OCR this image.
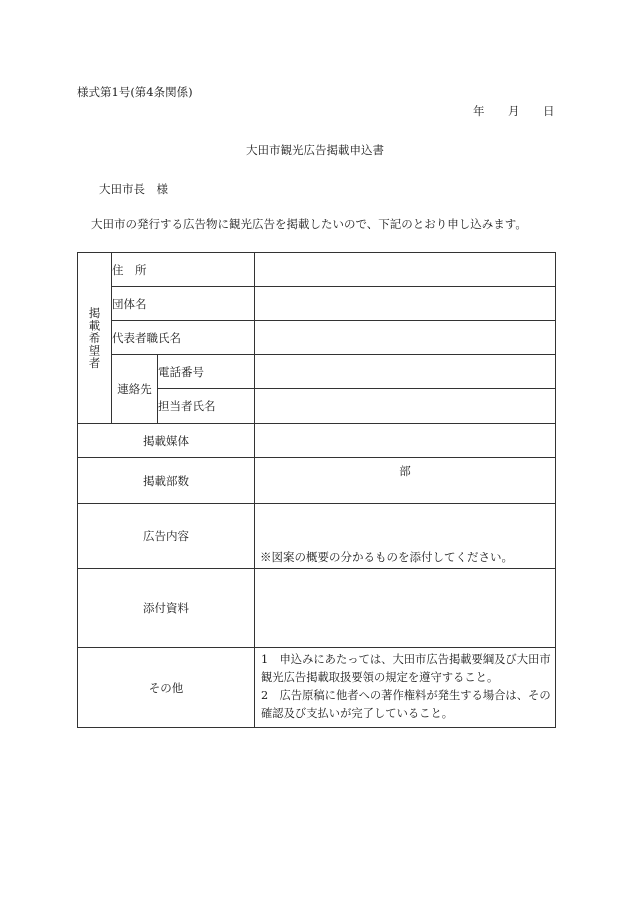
様式第1号(第4条関係)
年 月 日
大田市観光広告掲載申込書
大田市長　様
大田市の発行する広告物に観光広告を掲載したいので、下記のとおり申し込みます。
掲載希望者	住　所		
	団体名		
	代表者職氏名		
	連絡先	電話番号	
		担当者氏名	
掲載媒体			
掲載部数			部

広告内容			※図案の概要の分かるものを添付してください。

添付資料			
その他			1　申込みにあたっては、大田市広告掲載要綱及び大田市観光広告掲載取扱要領の規定を遵守すること。
2　広告原稿に他者への著作権料が発生する場合は、その確認及び支払いが完了していること。
